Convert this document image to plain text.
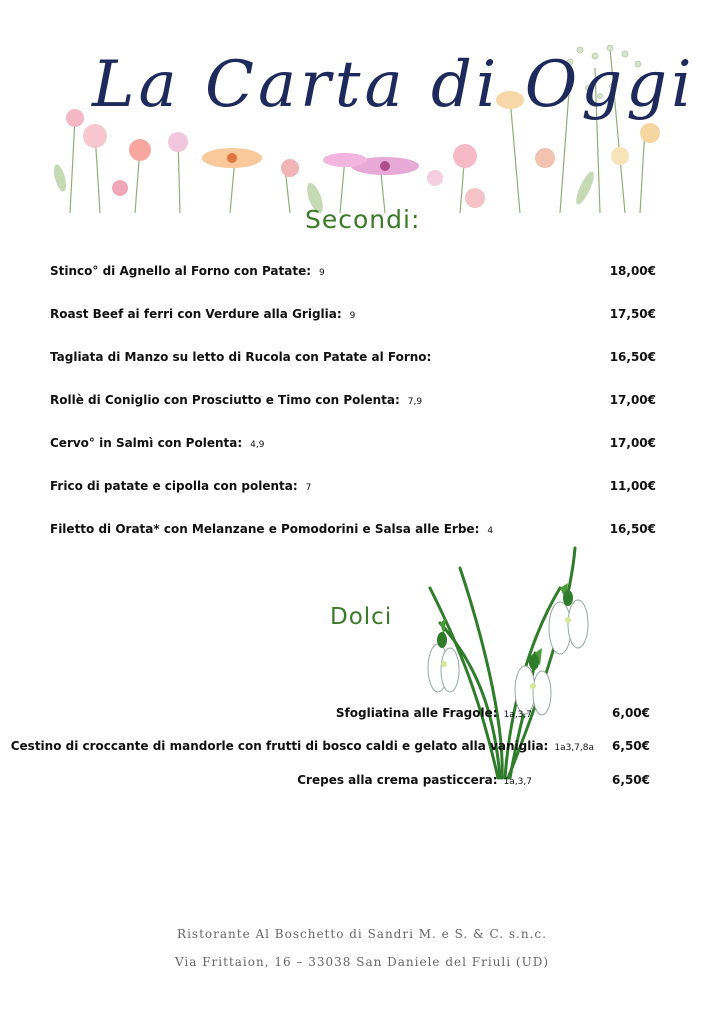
La Carta di Oggi
Secondi:
Stinco° di Agnello al Forno con Patate: 9	18,00€
Roast Beef ai ferri con Verdure alla Griglia: 9	17,50€
Tagliata di Manzo su letto di Rucola con Patate al Forno:	16,50€
Rollè di Coniglio con Prosciutto e Timo con Polenta: 7,9	17,00€
Cervo° in Salmì con Polenta: 4,9	17,00€
Frico di patate e cipolla con polenta: 7	11,00€
Filetto di Orata* con Melanzane e Pomodorini e Salsa alle Erbe: 4	16,50€
Dolci
Sfogliatina alle Fragole: 1a,3,7	6,00€
Cestino di croccante di mandorle con frutti di bosco caldi e gelato alla vaniglia: 1a3,7,8a 6,50€
Crepes alla crema pasticcera: 1a,3,7	6,50€
Ristorante Al Boschetto di Sandri M. e S. & C. s.n.c.
Via Frittaion, 16 – 33038 San Daniele del Friuli (UD)
